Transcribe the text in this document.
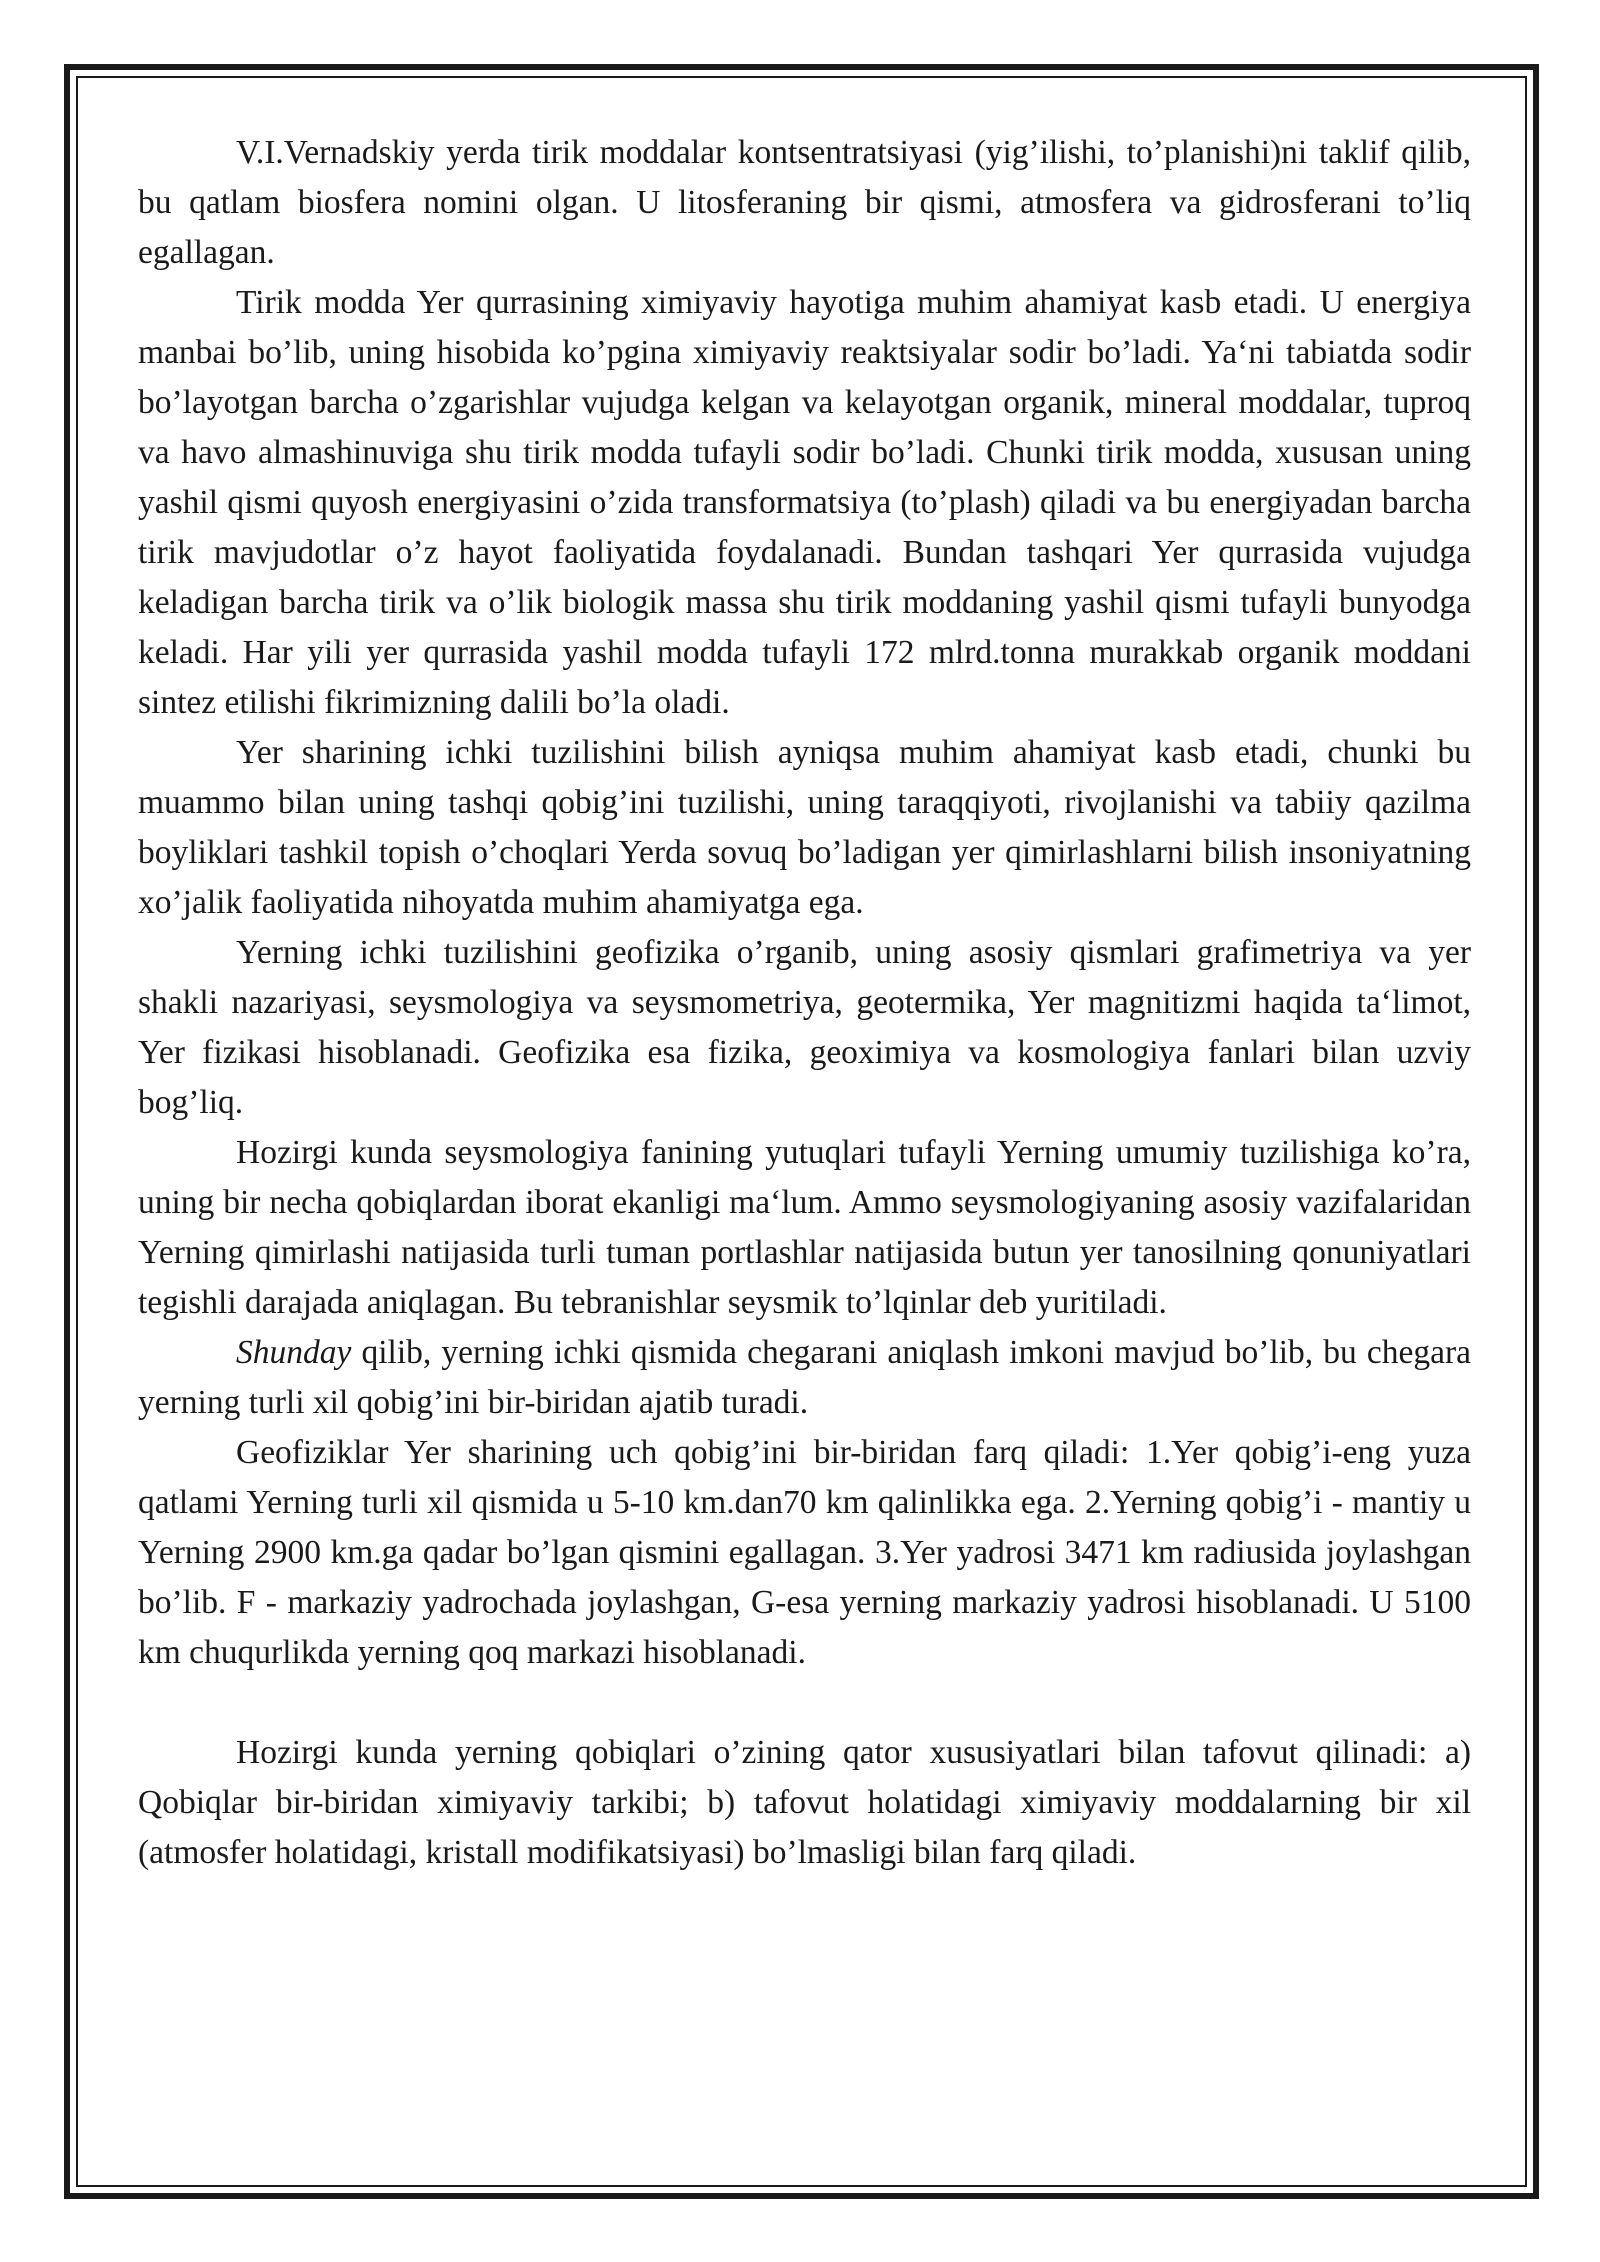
V.I.Vernadskiy yerda tirik moddalar kontsentratsiyasi (yig’ilishi, to’planishi)ni taklif qilib, bu qatlam biosfera nomini olgan. U litosferaning bir qismi, atmosfera va gidrosferani to’liq egallagan.

Tirik modda Yer qurrasining ximiyaviy hayotiga muhim ahamiyat kasb etadi. U energiya manbai bo’lib, uning hisobida ko’pgina ximiyaviy reaktsiyalar sodir bo’ladi. Ya‘ni tabiatda sodir bo’layotgan barcha o’zgarishlar vujudga kelgan va kelayotgan organik, mineral moddalar, tuproq va havo almashinuviga shu tirik modda tufayli sodir bo’ladi. Chunki tirik modda, xususan uning yashil qismi quyosh energiyasini o’zida transformatsiya (to’plash) qiladi va bu energiyadan barcha tirik mavjudotlar o’z hayot faoliyatida foydalanadi. Bundan tashqari Yer qurrasida vujudga keladigan barcha tirik va o’lik biologik massa shu tirik moddaning yashil qismi tufayli bunyodga keladi. Har yili yer qurrasida yashil modda tufayli 172 mlrd.tonna murakkab organik moddani sintez etilishi fikrimizning dalili bo’la oladi.

Yer sharining ichki tuzilishini bilish ayniqsa muhim ahamiyat kasb etadi, chunki bu muammo bilan uning tashqi qobig’ini tuzilishi, uning taraqqiyoti, rivojlanishi va tabiiy qazilma boyliklari tashkil topish o’choqlari Yerda sovuq bo’ladigan yer qimirlashlarni bilish insoniyatning xo’jalik faoliyatida nihoyatda muhim ahamiyatga ega.

Yerning ichki tuzilishini geofizika o’rganib, uning asosiy qismlari grafimetriya va yer shakli nazariyasi, seysmologiya va seysmometriya, geotermika, Yer magnitizmi haqida ta‘limot, Yer fizikasi hisoblanadi. Geofizika esa fizika, geoximiya va kosmologiya fanlari bilan uzviy bog’liq.

Hozirgi kunda seysmologiya fanining yutuqlari tufayli Yerning umumiy tuzilishiga ko’ra, uning bir necha qobiqlardan iborat ekanligi ma‘lum. Ammo seysmologiyaning asosiy vazifalaridan Yerning qimirlashi natijasida turli tuman portlashlar natijasida butun yer tanosilning qonuniyatlari tegishli darajada aniqlagan. Bu tebranishlar seysmik to’lqinlar deb yuritiladi.

Shunday qilib, yerning ichki qismida chegarani aniqlash imkoni mavjud bo’lib, bu chegara yerning turli xil qobig’ini bir-biridan ajatib turadi.

Geofiziklar Yer sharining uch qobig’ini bir-biridan farq qiladi: 1.Yer qobig’i-eng yuza qatlami Yerning turli xil qismida u 5-10 km.dan70 km qalinlikka ega. 2.Yerning qobig’i - mantiy u Yerning 2900 km.ga qadar bo’lgan qismini egallagan. 3.Yer yadrosi 3471 km radiusida joylashgan bo’lib. F - markaziy yadrochada joylashgan, G-esa yerning markaziy yadrosi hisoblanadi. U 5100 km chuqurlikda yerning qoq markazi hisoblanadi.

Hozirgi kunda yerning qobiqlari o’zining qator xususiyatlari bilan tafovut qilinadi: a) Qobiqlar bir-biridan ximiyaviy tarkibi; b) tafovut holatidagi ximiyaviy moddalarning bir xil (atmosfer holatidagi, kristall modifikatsiyasi) bo’lmasligi bilan farq qiladi.
